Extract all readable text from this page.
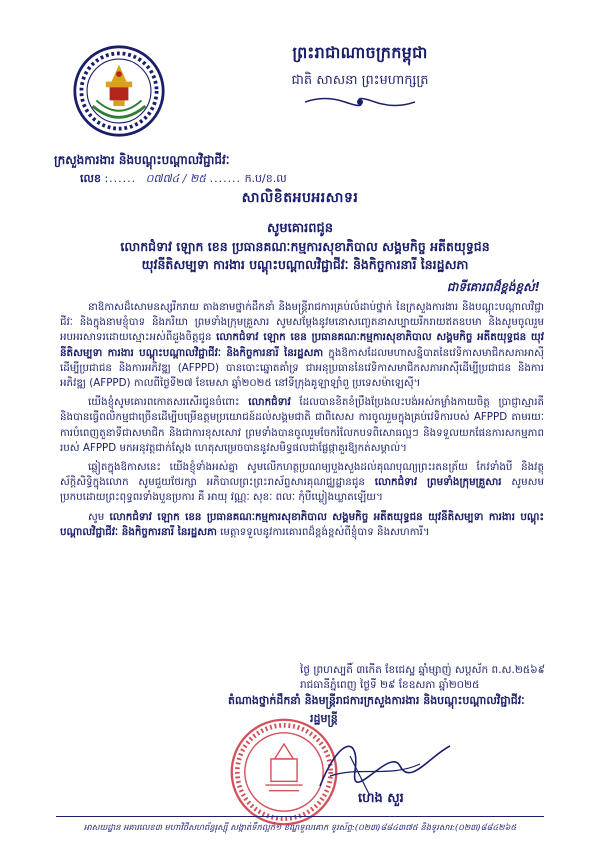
ព្រះរាជាណាចក្រកម្ពុជា
ជាតិ សាសនា ព្រះមហាក្សត្រ
ក្រសួងការងារ និងបណ្តុះបណ្តាលវិជ្ជាជីវៈ
លេខ :...... ០៧៧៤ / ២៥ ....... ក.ប/ខ.ល
សាលិខិតអបអរសាទរ
សូមគោរពជូន
លោកជំទាវ ឡោក ខេន ប្រធានគណៈកម្មការសុខាភិបាល សង្គមកិច្ច អតីតយុទ្ធជន
យុវនីតិសម្បទា ការងារ បណ្តុះបណ្តាលវិជ្ជាជីវៈ និងកិច្ចការនារី នៃរដ្ឋសភា
ជាទីគោរពដ៏ខ្ពង់ខ្ពស់!

នាឱកាសដ៏សោមនស្សរីករាយ តាងនាមថ្នាក់ដឹកនាំ និងមន្ត្រីរាជការគ្រប់លំដាប់ថ្នាក់ នៃក្រសួងការងារ និងបណ្តុះបណ្តាលវិជ្ជាជីវៈ និងក្នុងនាមខ្ញុំបាទ និងភរិយា ព្រមទាំងក្រុមគ្រួសារ សូមសម្តែងនូវមនោសញ្ចេតនាសប្បាយរីករាយឥតឧបមា និងសូមចូលរួមអបអរសាទរដោយស្មោះអស់ពីដួងចិត្តជូន លោកជំទាវ ឡោក ខេន ប្រធានគណៈកម្មការសុខាភិបាល សង្គមកិច្ច អតីតយុទ្ធជន យុវនីតិសម្បទា ការងារ បណ្តុះបណ្តាលវិជ្ជាជីវៈ និងកិច្ចការនារី នៃរដ្ឋសភា ក្នុងឱកាសដែលមហាសន្និបាតនៃវេទិកាសមាជិកសភាអាស៊ីដើម្បីប្រជាជន និងការអភិវឌ្ឍ (AFPPD) បានបោះឆ្នោតគាំទ្រ ជាអនុប្រធាននៃវេទិកាសមាជិកសភាអាស៊ីដើម្បីប្រជាជន និងការអភិវឌ្ឍ (AFPPD) កាលពីថ្ងៃទី២៧ ខែមេសា ឆ្នាំ២០២៥ នៅទីក្រុងគូឡាឡាំពួ ប្រទេសម៉ាឡេស៊ី។

យើងខ្ញុំសូមគោរពកោតសរសើរជូនចំពោះ លោកជំទាវ ដែលបានខិតខំប្រឹងប្រែងលះបង់អស់កម្លាំងកាយចិត្ត ប្រាជ្ញាស្មារតី និងបានធ្វើពលិកម្មជាច្រើនដើម្បីបម្រើឧត្តមប្រយោជន៍ដល់សង្គមជាតិ ជាពិសេស ការចូលរួមក្នុងគ្រប់វេទិការបស់ AFPPD តាមរយៈការបំពេញតួនាទីជាសមាជិក និងជាការខុសសោវ ព្រមទាំងបានចូលរួមចែករំលែកបទពិសោធល្អៗ និងទទួលយកផែនការសកម្មភាពរបស់ AFPPD មកអនុវត្តជាក់ស្តែង ហេតុសម្រេចបាននូវសមិទ្ធផលជាផ្លែផ្កាគួរឱ្យកត់សម្គាល់។

ឆ្លៀតក្នុងឱកាសនេះ យើងខ្ញុំទាំងអស់គ្នា សូមលើកហត្ថប្រណម្យបួងសួងដល់គុណបុណ្យព្រះរតនត្រ័យ កែវទាំងបី និងវត្ថុស័ក្តិសិទ្ធិក្នុងលោក សូមជួយថែរក្សា អភិបាលព្រះព្រះរាស័ព្ទសារគុណជ្ឈដ្ឋានជូន លោកជំទាវ ព្រមទាំងក្រុមគ្រួសារ សូមសមប្រកបដោយព្រះពុទ្ធពរទាំងបួនប្រការ គឺ អាយុ វណ្ណៈ សុខៈ ពលៈ កុំបីឃ្លៀងឃ្លាតឡើយ។

សូម លោកជំទាវ ឡោក ខេន ប្រធានគណៈកម្មការសុខាភិបាល សង្គមកិច្ច អតីតយុទ្ធជន យុវនីតិសម្បទា ការងារ បណ្តុះបណ្តាលវិជ្ជាជីវៈ និងកិច្ចការនារី នៃរដ្ឋសភា មេត្តាទទួលនូវការគោរពដ៏ខ្ពង់ខ្ពស់ពីខ្ញុំបាទ និងសហការី។

ថ្ងៃ ព្រហស្បតិ៍ ៣កើត ខែជេស្ឋ ឆ្នាំម្សាញ់ សប្តស័ក ព.ស.២៥៦៩
រាជធានីភ្នំពេញ ថ្ងៃទី ២៩ ខែឧសភា ឆ្នាំ២០២៥
តំណាងថ្នាក់ដឹកនាំ និងមន្ត្រីរាជការក្រសួងការងារ និងបណ្តុះបណ្តាលវិជ្ជាជីវៈ
រដ្ឋមន្ត្រី
ហេង សួរ
អាសយដ្ឋាន អគារលេខ៣ មហាវិថីសហព័ន្ធរុស្ស៊ី សង្កាត់ទឹកល្អក់១ ខណ្ឌទួលគោក ទូរស័ព្ទ:(០២៣)៨៨៤៣៧៥ និងទូរសារ:(០២៣)៨៨៤២៦៥
